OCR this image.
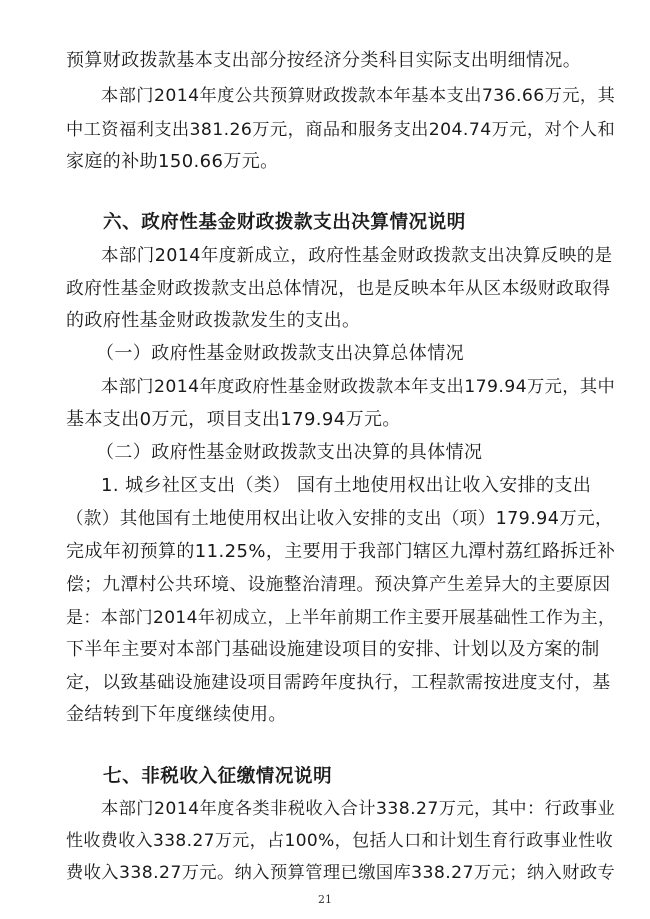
预算财政拨款基本支出部分按经济分类科目实际支出明细情况。
本部门2014年度公共预算财政拨款本年基本支出736.66万元，其
中工资福利支出381.26万元，商品和服务支出204.74万元，对个人和
家庭的补助150.66万元。
六、政府性基金财政拨款支出决算情况说明
本部门2014年度新成立，政府性基金财政拨款支出决算反映的是
政府性基金财政拨款支出总体情况，也是反映本年从区本级财政取得
的政府性基金财政拨款发生的支出。
（一）政府性基金财政拨款支出决算总体情况
本部门2014年度政府性基金财政拨款本年支出179.94万元，其中
基本支出0万元，项目支出179.94万元。
（二）政府性基金财政拨款支出决算的具体情况
1. 城乡社区支出（类） 国有土地使用权出让收入安排的支出
（款）其他国有土地使用权出让收入安排的支出（项）179.94万元，
完成年初预算的11.25%，主要用于我部门辖区九潭村荔红路拆迁补
偿；九潭村公共环境、设施整治清理。预决算产生差异大的主要原因
是：本部门2014年初成立，上半年前期工作主要开展基础性工作为主，
下半年主要对本部门基础设施建设项目的安排、计划以及方案的制
定，以致基础设施建设项目需跨年度执行，工程款需按进度支付，基
金结转到下年度继续使用。
七、非税收入征缴情况说明
本部门2014年度各类非税收入合计338.27万元，其中：行政事业
性收费收入338.27万元，占100%，包括人口和计划生育行政事业性收
费收入338.27万元。纳入预算管理已缴国库338.27万元；纳入财政专
21
